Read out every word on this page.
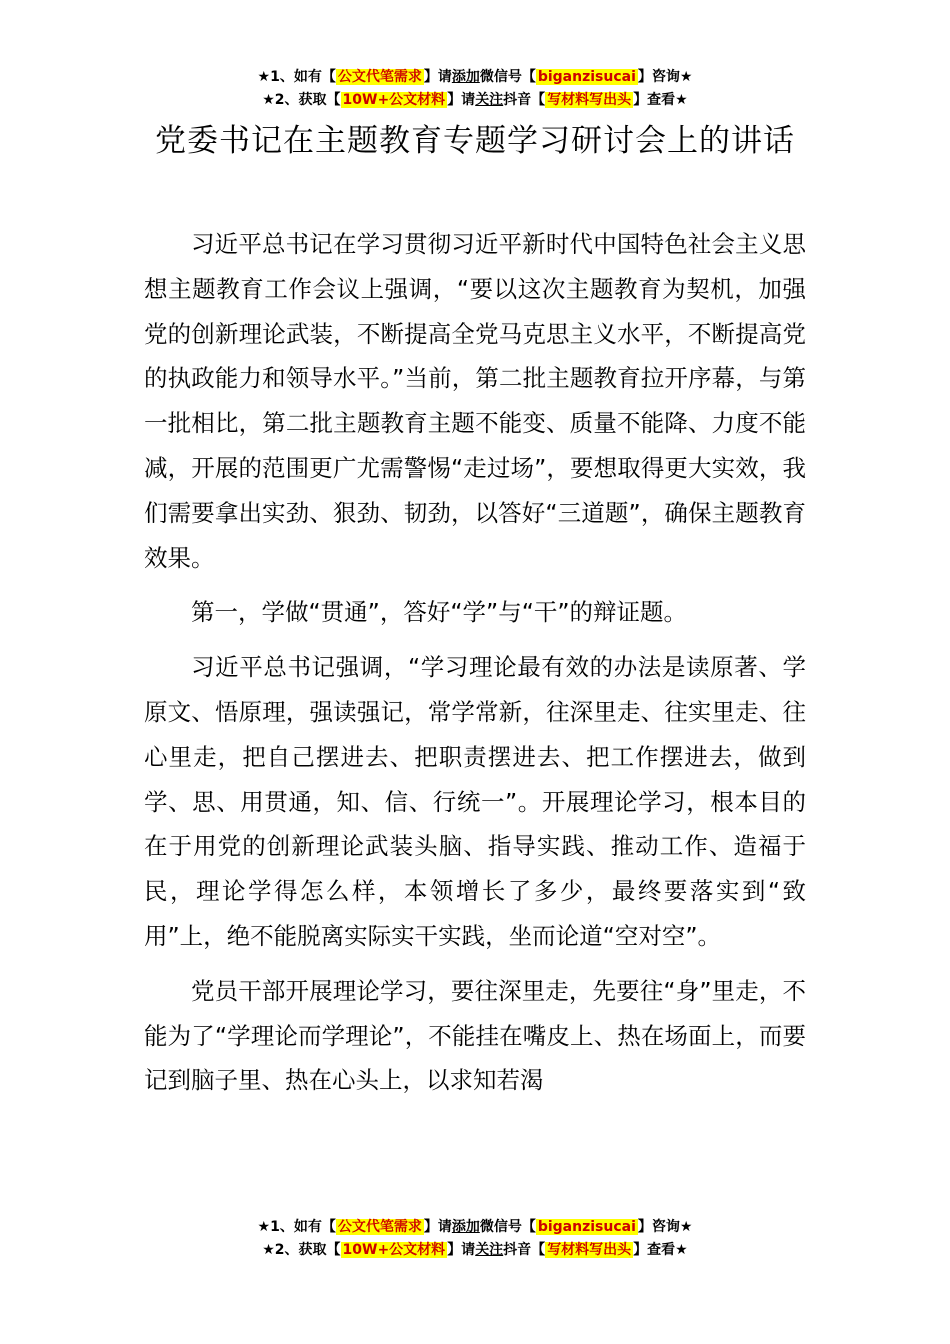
★1、如有【 公文代笔需求 】请添加微信号【 biganzisucai 】咨询★
★2、获取【 10W+公文材料 】请关注抖音【 写材料写出头 】查看★
党委书记在主题教育专题学习研讨会上的讲话

习近平总书记在学习贯彻习近平新时代中国特色社会主义思想主题教育工作会议上强调，“要以这次主题教育为契机，加强党的创新理论武装，不断提高全党马克思主义水平，不断提高党的执政能力和领导水平。”当前，第二批主题教育拉开序幕，与第一批相比，第二批主题教育主题不能变、质量不能降、力度不能减，开展的范围更广尤需警惕“走过场”，要想取得更大实效，我们需要拿出实劲、狠劲、韧劲，以答好“三道题”，确保主题教育效果。

第一，学做“贯通”，答好“学”与“干”的辩证题。

习近平总书记强调，“学习理论最有效的办法是读原著、学原文、悟原理，强读强记，常学常新，往深里走、往实里走、往心里走，把自己摆进去、把职责摆进去、把工作摆进去，做到学、思、用贯通，知、信、行统一”。开展理论学习，根本目的在于用党的创新理论武装头脑、指导实践、推动工作、造福于民，理论学得怎么样，本领增长了多少，最终要落实到“致用”上，绝不能脱离实际实干实践，坐而论道“空对空”。

党员干部开展理论学习，要往深里走，先要往“身”里走，不能为了“学理论而学理论”，不能挂在嘴皮上、热在场面上，而要记到脑子里、热在心头上，以求知若渴

★1、如有【 公文代笔需求 】请添加微信号【 biganzisucai 】咨询★
★2、获取【 10W+公文材料 】请关注抖音【 写材料写出头 】查看★
